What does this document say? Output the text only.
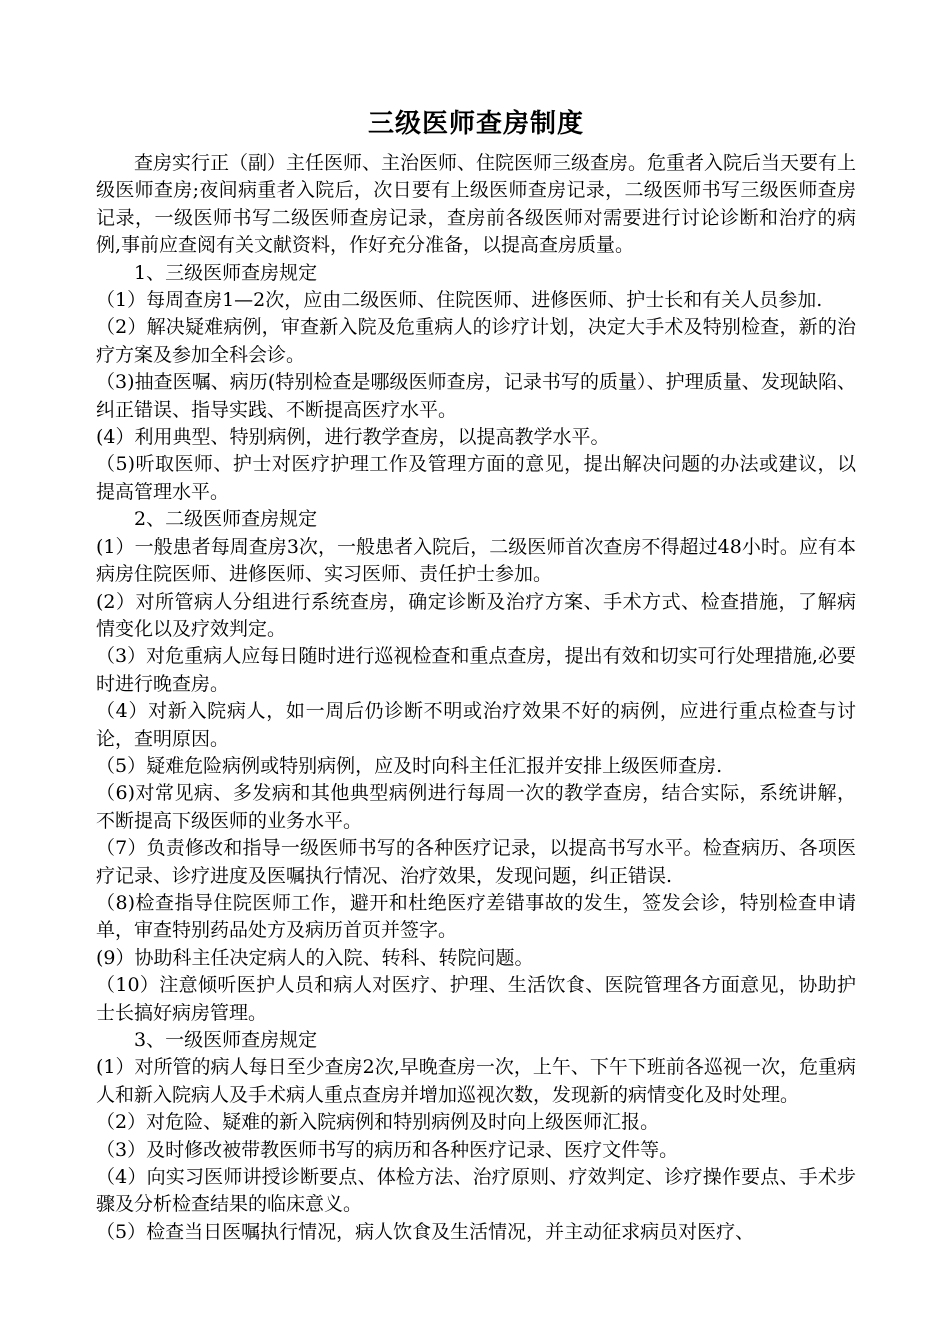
三级医师查房制度

查房实行正（副）主任医师、主治医师、住院医师三级查房。危重者入院后当天要有上级医师查房;夜间病重者入院后，次日要有上级医师查房记录，二级医师书写三级医师查房记录，一级医师书写二级医师查房记录，查房前各级医师对需要进行讨论诊断和治疗的病例,事前应查阅有关文献资料，作好充分准备，以提高查房质量。

1、三级医师查房规定

（1）每周查房1—2次，应由二级医师、住院医师、进修医师、护士长和有关人员参加.

（2）解决疑难病例，审查新入院及危重病人的诊疗计划，决定大手术及特别检查，新的治疗方案及参加全科会诊。

（3)抽查医嘱、病历(特别检查是哪级医师查房，记录书写的质量）、护理质量、发现缺陷、纠正错误、指导实践、不断提高医疗水平。

(4）利用典型、特别病例，进行教学查房，以提高教学水平。

（5)听取医师、护士对医疗护理工作及管理方面的意见，提出解决问题的办法或建议，以提高管理水平。

2、二级医师查房规定

(1）一般患者每周查房3次，一般患者入院后，二级医师首次查房不得超过48小时。应有本病房住院医师、进修医师、实习医师、责任护士参加。

(2）对所管病人分组进行系统查房，确定诊断及治疗方案、手术方式、检查措施，了解病情变化以及疗效判定。

（3）对危重病人应每日随时进行巡视检查和重点查房，提出有效和切实可行处理措施,必要时进行晚查房。

（4）对新入院病人，如一周后仍诊断不明或治疗效果不好的病例，应进行重点检查与讨论，查明原因。

（5）疑难危险病例或特别病例，应及时向科主任汇报并安排上级医师查房.

（6)对常见病、多发病和其他典型病例进行每周一次的教学查房，结合实际，系统讲解，不断提高下级医师的业务水平。

（7）负责修改和指导一级医师书写的各种医疗记录，以提高书写水平。检查病历、各项医疗记录、诊疗进度及医嘱执行情况、治疗效果，发现问题，纠正错误.

（8)检查指导住院医师工作，避开和杜绝医疗差错事故的发生，签发会诊，特别检查申请单，审查特别药品处方及病历首页并签字。

(9）协助科主任决定病人的入院、转科、转院问题。

（10）注意倾听医护人员和病人对医疗、护理、生活饮食、医院管理各方面意见，协助护士长搞好病房管理。

3、一级医师查房规定

(1）对所管的病人每日至少查房2次,早晚查房一次，上午、下午下班前各巡视一次，危重病人和新入院病人及手术病人重点查房并增加巡视次数，发现新的病情变化及时处理。

（2）对危险、疑难的新入院病例和特别病例及时向上级医师汇报。

（3）及时修改被带教医师书写的病历和各种医疗记录、医疗文件等。

（4）向实习医师讲授诊断要点、体检方法、治疗原则、疗效判定、诊疗操作要点、手术步骤及分析检查结果的临床意义。

（5）检查当日医嘱执行情况，病人饮食及生活情况，并主动征求病员对医疗、
